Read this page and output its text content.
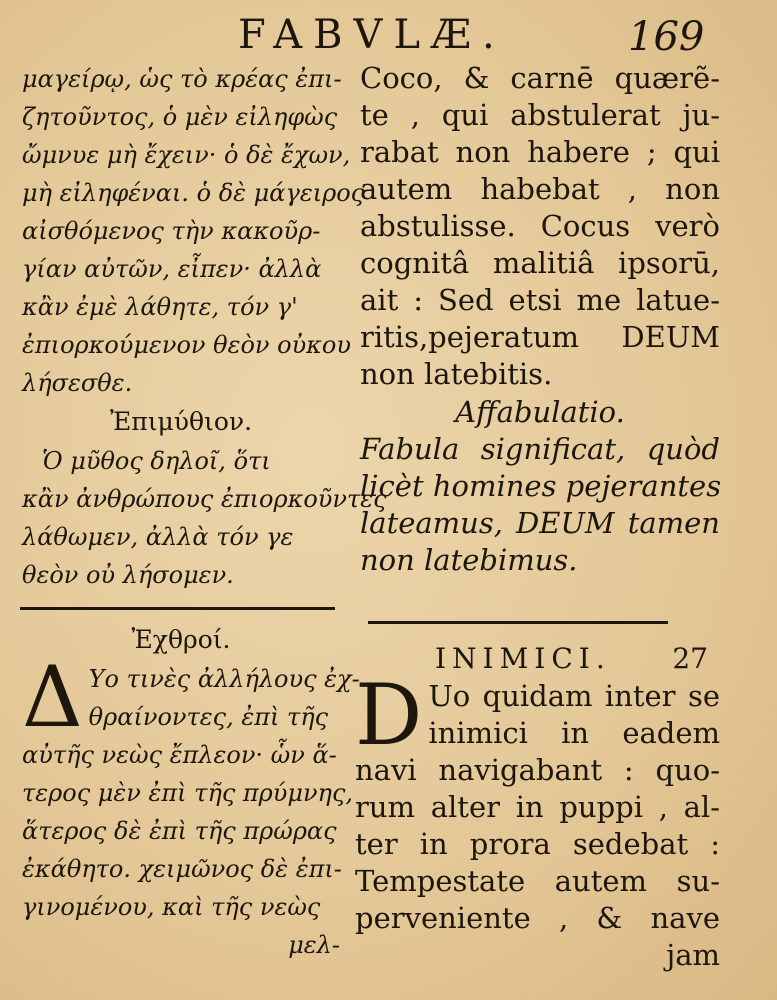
FABVLÆ.	169
μαγείρῳ, ὡς τὸ κρέας ἐπι-
ζητοῦντος, ὁ μὲν εἰληφὼς
ὤμνυε μὴ ἔχειν· ὁ δὲ ἔχων,
μὴ εἰληφέναι. ὁ δὲ μάγειρος
αἰσθόμενος τὴν κακοῦρ-
γίαν αὐτῶν, εἶπεν· ἀλλὰ
κἂν ἐμὲ λάθητε, τόν γ'
ἐπιορκούμενον θεὸν οὐκου
λήσεσθε.
Ἐπιμύθιον.
Ὁ μῦθος δηλοῖ, ὅτι
κἂν ἀνθρώπους ἐπιορκοῦντες
λάθωμεν, ἀλλὰ τόν γε
θεὸν οὐ λήσομεν.
Coco, & carnē quærẽ-
te , qui abstulerat ju-
rabat non habere ; qui
autem habebat , non
abstulisse. Cocus verò
cognitâ malitiâ ipsorū,
ait : Sed etsi me latue-
ritis,pejeratum DEUM
non latebitis.
Affabulatio.
Fabula significat, quòd
licèt homines pejerantes
lateamus, DEUM tamen
non latebimus.
Ἐχθροί.
Δ Υο τινὲς ἀλλήλους ἐχ-
θραίνοντες, ἐπὶ τῆς
αὐτῆς νεὼς ἔπλεον· ὧν ἅ-
τερος μὲν ἐπὶ τῆς πρύμνης,
ἅτερος δὲ ἐπὶ τῆς πρώρας
ἐκάθητο. χειμῶνος δὲ ἐπι-
γινομένου, καὶ τῆς νεὼς
μελ-
INIMICI. 27
D Uo quidam inter se
inimici in eadem
navi navigabant : quo-
rum alter in puppi , al-
ter in prora sedebat :
Tempestate autem su-
perveniente , & nave
jam
